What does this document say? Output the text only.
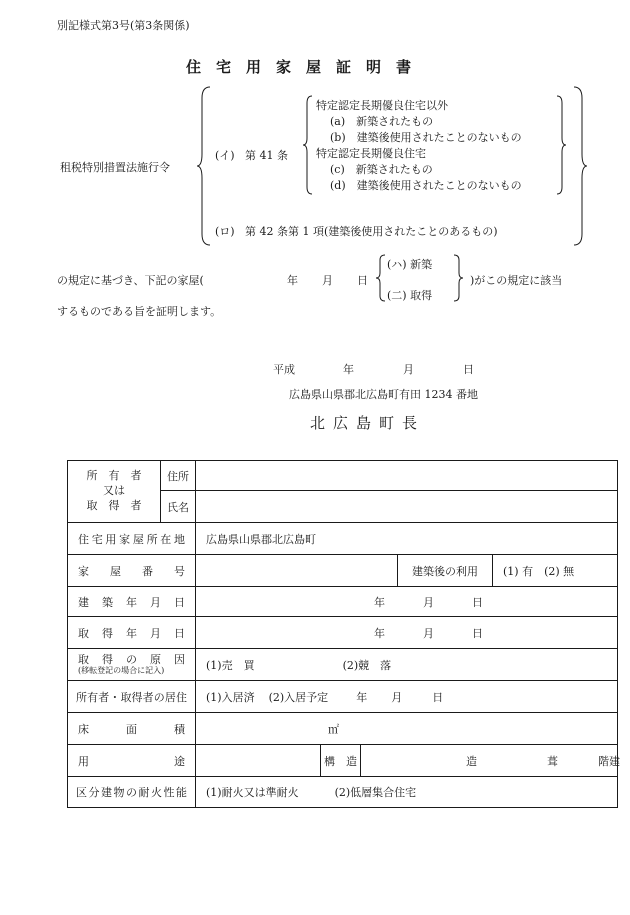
別記様式第3号(第3条関係)
住宅用家屋証明書
租税特別措置法施行令
(イ) 第 41 条
特定認定長期優良住宅以外
(a)　新築されたもの
(b)　建築後使用されたことのないもの
特定認定長期優良住宅
(c)　新築されたもの
(d)　建築後使用されたことのないもの
(ロ) 第 42 条第 1 項(建築後使用されたことのあるもの)
の規定に基づき、下記の家屋(	年 月 日
(ハ) 新築
(二) 取得
)がこの規定に該当
するものである旨を証明します。
平成	年	月	日
広島県山県郡北広島町有田 1234 番地
北広島町長
所　有　者
又は
取　得　者	住所					
	氏名					
住宅用家屋所在地		広島県山県郡北広島町				
家屋番号					建築後の利用	(1) 有　(2) 無
建築年月日		年 月 日				
取得年月日		年 月 日				

取得の原因
(移転登記の場合に記入)		(1)売　買 (2)競　落				
所有者・取得者の居住		(1)入居済 (2)入居予定 年 月 日				
床面積		㎡				
用途			構　造	造 葺 階建		
区分建物の耐火性能		(1)耐火又は準耐火 (2)低層集合住宅				
